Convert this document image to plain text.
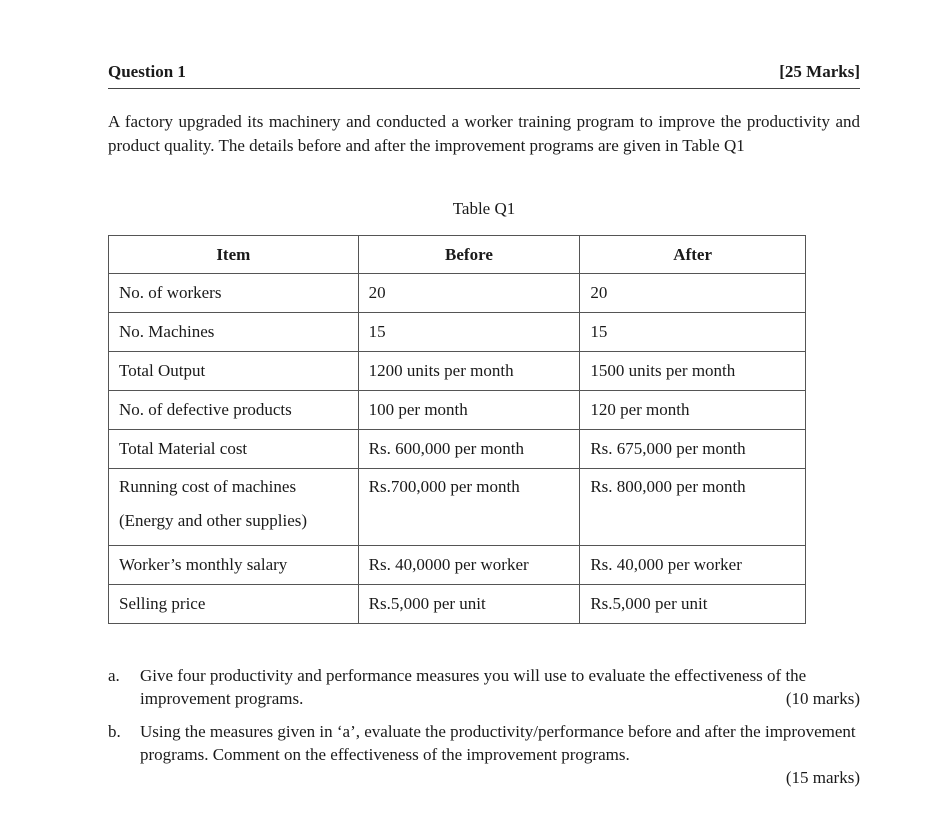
Question 1	[25 Marks]

A factory upgraded its machinery and conducted a worker training program to improve the productivity and product quality. The details before and after the improvement programs are given in Table Q1

Table Q1
Item	Before	After
No. of workers	20	20
No. Machines	15	15
Total Output	1200 units per month	1500 units per month
No. of defective products	100 per month	120 per month
Total Material cost	Rs. 600,000 per month	Rs. 675,000 per month

Running cost of machines
(Energy and other supplies)	Rs.700,000 per month	Rs. 800,000 per month

Worker’s monthly salary	Rs. 40,0000 per worker	Rs. 40,000 per worker
Selling price	Rs.5,000 per unit	Rs.5,000 per unit
a. Give four productivity and performance measures you will use to evaluate the effectiveness of the improvement programs.	(10 marks)
b. Using the measures given in ‘a’, evaluate the productivity/performance before and after the improvement programs. Comment on the effectiveness of the improvement programs.
(15 marks)
